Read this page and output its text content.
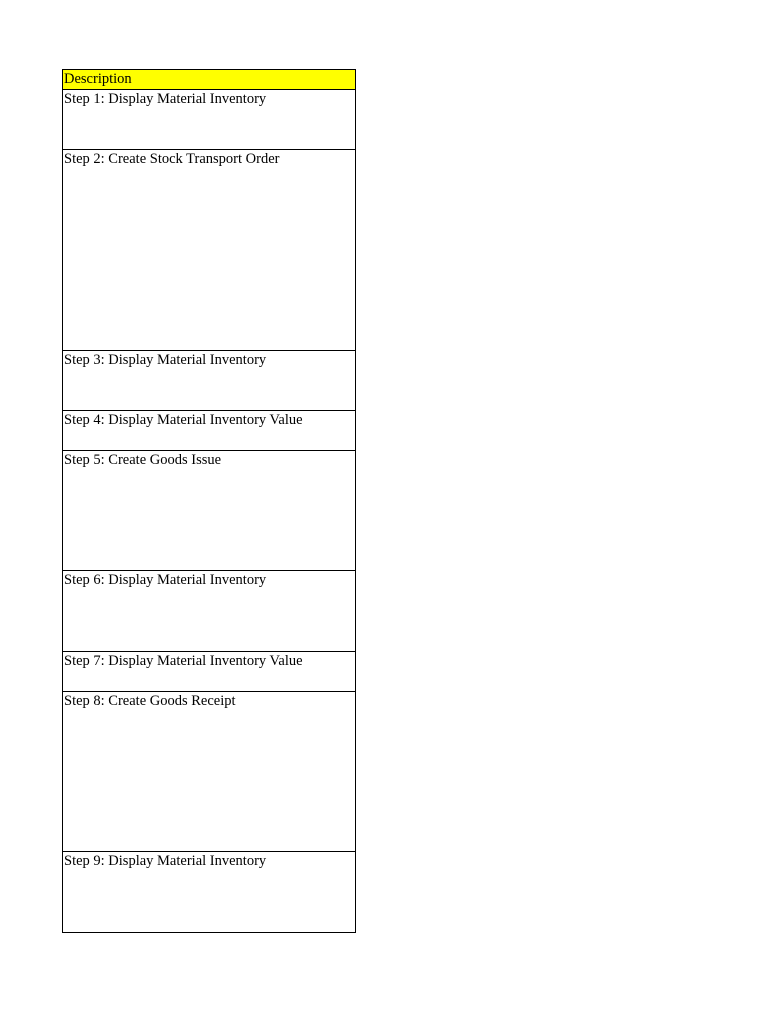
Description
Step 1: Display Material Inventory
Step 2: Create Stock Transport Order
Step 3: Display Material Inventory
Step 4: Display Material Inventory Value
Step 5: Create Goods Issue
Step 6: Display Material Inventory
Step 7: Display Material Inventory Value
Step 8: Create Goods Receipt
Step 9: Display Material Inventory
